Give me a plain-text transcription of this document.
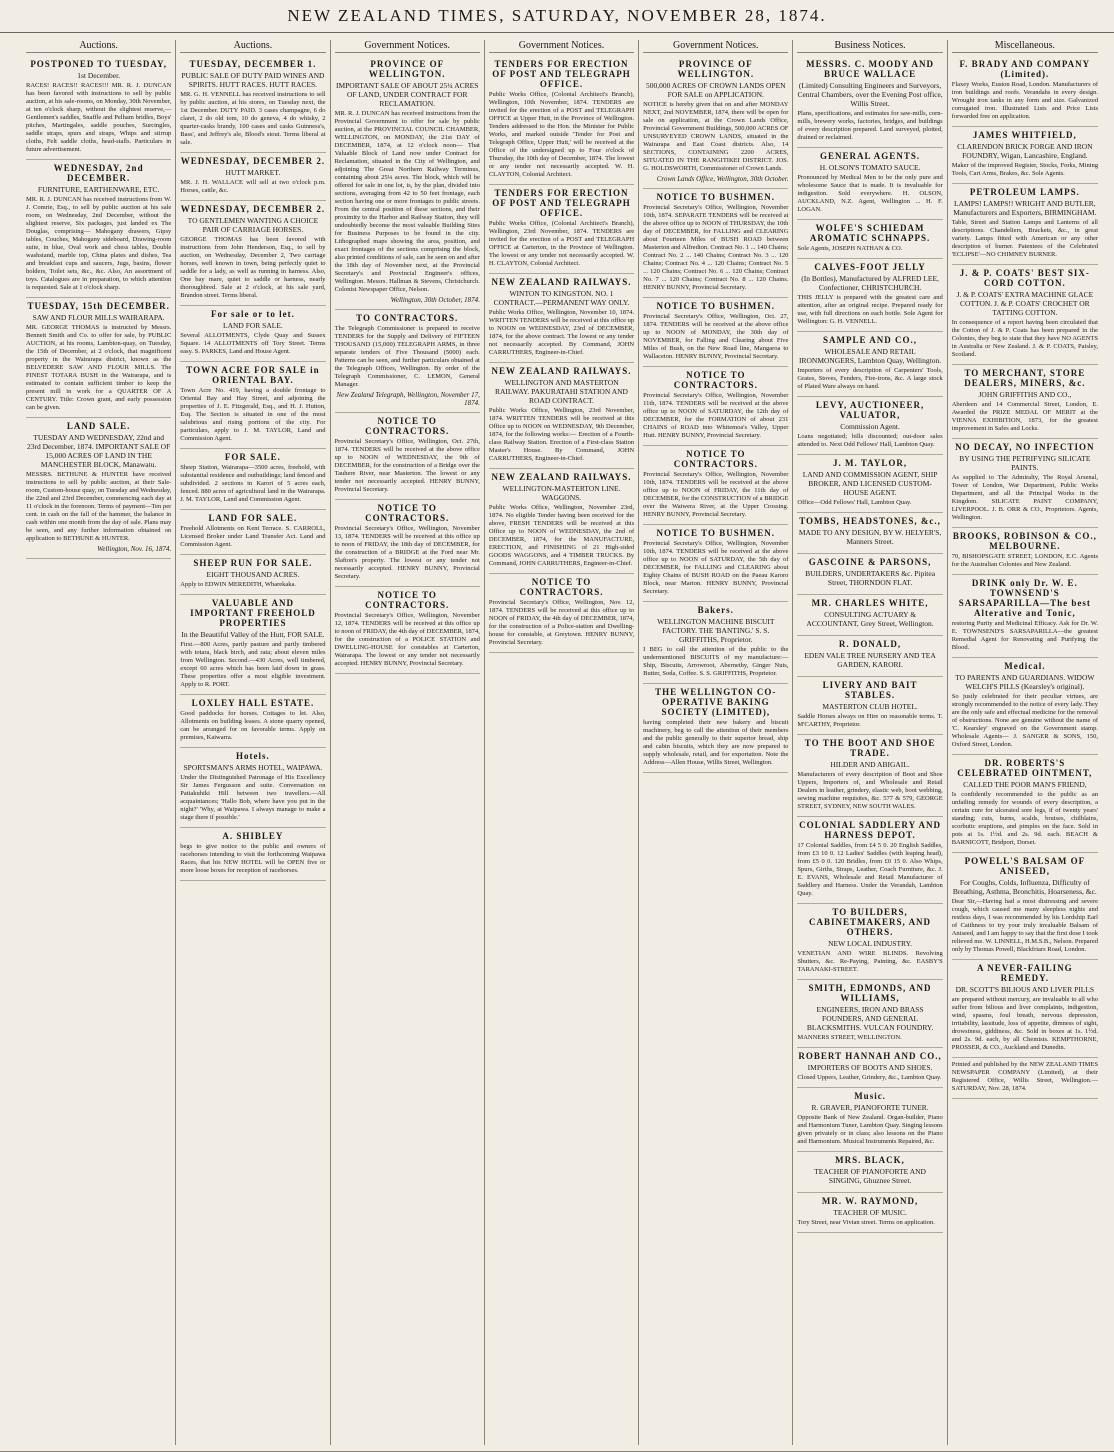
NEW ZEALAND TIMES, SATURDAY, NOVEMBER 28, 1874.
Auctions.
POSTPONED TO TUESDAY,
1st December.
RACES! RACES!! RACES!!! MR. R. J. DUNCAN has been favored with instructions to sell by public auction, at his sale-rooms, on Monday, 30th November, at ten o'clock sharp, without the slightest reserve,— Gentlemen's saddles, Snaffle and Pelham bridles, Boys' pitches, Martingales, saddle pouches, Surcingles, saddle straps, spurs and straps, Whips and stirrup cloths, Felt saddle cloths, head-stalls. Particulars in future advertisement.
WEDNESDAY, 2nd DECEMBER.
FURNITURE, EARTHENWARE, ETC.
MR. R. J. DUNCAN has received instructions from W. J. Comrie, Esq., to sell by public auction at his sale room, on Wednesday, 2nd December, without the slightest reserve, Six packages, just landed ex The Douglas, comprising— Mahogany drawers, Gipsy tables, Couches, Mahogany sideboard, Drawing-room suite, in blue, Oval work and chess tables, Double washstand, marble top, China plates and dishes, Tea and breakfast cups and saucers, Jugs, basins, flower holders, Toilet sets, &c., &c. Also, An assortment of toys. Catalogues are in preparation, to which attention is requested. Sale at 1 o'clock sharp.
TUESDAY, 15th DECEMBER.
SAW AND FLOUR MILLS WAIRARAPA.
MR. GEORGE THOMAS is instructed by Messrs. Bennett Smith and Co. to offer for sale, by PUBLIC AUCTION, at his rooms, Lambton-quay, on Tuesday, the 15th of December, at 2 o'clock, that magnificent property in the Wairarapa district, known as the BELVEDERE SAW AND FLOUR MILLS. The FINEST TOTARA BUSH in the Wairarapa, and is estimated to contain sufficient timber to keep the present mill in work for a QUARTER OF A CENTURY. Title: Crown grant, and early possession can be given.
LAND SALE.
TUESDAY AND WEDNESDAY, 22nd and 23rd December, 1874. IMPORTANT SALE OF 15,000 ACRES OF LAND IN THE MANCHESTER BLOCK, Manawatu.
MESSRS. BETHUNE & HUNTER have received instructions to sell by public auction, at their Sale-room, Custom-house quay, on Tuesday and Wednesday, the 22nd and 23rd December, commencing each day at 11 o'clock in the forenoon. Terms of payment—Ten per cent. in cash on the fall of the hammer, the balance in cash within one month from the day of sale. Plans may be seen, and any further information obtained on application to BETHUNE & HUNTER.
Wellington, Nov. 16, 1874.
Auctions.
TUESDAY, DECEMBER 1.
PUBLIC SALE OF DUTY PAID WINES AND SPIRITS. HUTT RACES. HUTT RACES.
MR. G. H. VENNELL has received instructions to sell by public auction, at his stores, on Tuesday next, the 1st December. DUTY PAID. 3 cases champagne, 6 do claret, 2 do old tom, 10 do geneva, 4 do whisky, 2 quarter-casks brandy, 100 cases and casks Guinness's, Bass', and Jeffrey's ale, Blood's stout. Terms liberal at sale.
WEDNESDAY, DECEMBER 2.
HUTT MARKET.
MR. J. H. WALLACE will sell at two o'clock p.m. Horses, cattle, &c.
WEDNESDAY, DECEMBER 2.
TO GENTLEMEN WANTING A CHOICE PAIR OF CARRIAGE HORSES.
GEORGE THOMAS has been favored with instructions from John Henderson, Esq., to sell by auction, on Wednesday, December 2, Two carriage horses, well known in town, being perfectly quiet to saddle for a lady, as well as running in harness. Also, One bay mare, quiet to saddle or harness, nearly thoroughbred. Sale at 2 o'clock, at his sale yard, Brandon street. Terms liberal.
For sale or to let.
LAND FOR SALE.
Several ALLOTMENTS, Clyde Quay and Sussex Square. 14 ALLOTMENTS off Tory Street. Terms easy. S. PARKES, Land and House Agent.
TOWN ACRE FOR SALE in ORIENTAL BAY.
Town Acre No. 419, having a double frontage to Oriental Bay and Hay Street, and adjoining the properties of J. E. Fitzgerald, Esq., and H. J. Hutton, Esq. The Section is situated in one of the most salubrious and rising portions of the city. For particulars, apply to J. M. TAYLOR, Land and Commission Agent.
FOR SALE.
Sheep Station, Wairarapa—3500 acres, freehold, with substantial residence and outbuildings; land fenced and subdivided. 2 sections in Karori of 5 acres each, fenced. 880 acres of agricultural land in the Wairarapa. J. M. TAYLOR, Land and Commission Agent.
LAND FOR SALE.
Freehold Allotments on Kent Terrace. S. CARROLL, Licensed Broker under Land Transfer Act. Land and Commission Agent.
SHEEP RUN FOR SALE.
EIGHT THOUSAND ACRES.
Apply to EDWIN MEREDITH, Wharekaka.
VALUABLE AND IMPORTANT FREEHOLD PROPERTIES
In the Beautiful Valley of the Hutt, FOR SALE.
First.—800 Acres, partly pasture and partly timbered with totara, black birch, and rata; about eleven miles from Wellington. Second.—430 Acres, well timbered, except 60 acres which has been laid down in grass. These properties offer a most eligible investment. Apply to R. PORT.
LOXLEY HALL ESTATE.
Good paddocks for horses. Cottages to let. Also, Allotments on building leases. A stone quarry opened, can be arranged for on favorable terms. Apply on premises, Kaiwarra.
Hotels.
SPORTSMAN'S ARMS HOTEL, WAIPAWA.
Under the Distinguished Patronage of His Excellency Sir James Fergusson and suite. Conversation on Patiakuhiki Hill between two travellers.—All acquaintances; 'Hallo Bob, where have you put in the night?' 'Why, at Waipawa. I always manage to make a stage there if possible.'
A. SHIBLEY
begs to give notice to the public and owners of racehorses intending to visit the forthcoming Waipawa Races, that his NEW HOTEL will be OPEN five or more loose boxes for reception of racehorses.
Government Notices.
PROVINCE OF WELLINGTON.
IMPORTANT SALE OF ABOUT 25¼ ACRES OF LAND, UNDER CONTRACT FOR RECLAMATION.
MR. R. J. DUNCAN has received instructions from the Provincial Government to offer for sale by public auction, at the PROVINCIAL COUNCIL CHAMBER, WELLINGTON, on MONDAY, the 21st DAY of DECEMBER, 1874, at 12 o'clock noon— That Valuable Block of Land now under Contract for Reclamation, situated in the City of Wellington, and adjoining The Great Northern Railway Terminus, containing about 25¼ acres. The block, which will be offered for sale in one lot, is, by the plan, divided into sections, averaging from 42 to 50 feet frontage, each section having one or more frontages to public streets. From the central position of these sections, and their proximity to the Harbor and Railway Station, they will undoubtedly become the most valuable Building Sites for Business Purposes to be found in the city. Lithographed maps showing the area, position, and exact frontages of the sections comprising the block, also printed conditions of sale, can be seen on and after the 18th day of November next, at the Provincial Secretary's and Provincial Engineer's offices, Wellington. Messrs. Hallman & Stevens, Christchurch. Colonist Newspaper Office, Nelson.
Wellington, 30th October, 1874.
TO CONTRACTORS.
The Telegraph Commissioner is prepared to receive TENDERS for the Supply and Delivery of FIFTEEN THOUSAND (15,000) TELEGRAPH ARMS, in three separate tenders of Five Thousand (5000) each. Patterns can be seen, and further particulars obtained at the Telegraph Offices, Wellington. By order of the Telegraph Commissioner, C. LEMON, General Manager.
New Zealand Telegraph, Wellington, November 17, 1874.
NOTICE TO CONTRACTORS.
Provincial Secretary's Office, Wellington, Oct. 27th, 1874. TENDERS will be received at the above office up to NOON of WEDNESDAY, the 9th of DECEMBER, for the construction of a Bridge over the Tauhere River, near Masterton. The lowest or any tender not necessarily accepted. HENRY BUNNY, Provincial Secretary.
NOTICE TO CONTRACTORS.
Provincial Secretary's Office, Wellington, November 13, 1874. TENDERS will be received at this office up to noon of FRIDAY, the 18th day of DECEMBER, for the construction of a BRIDGE at the Ford near Mr. Slafton's property. The lowest or any tender not necessarily accepted. HENRY BUNNY, Provincial Secretary.
NOTICE TO CONTRACTORS.
Provincial Secretary's Office, Wellington, November 12, 1874. TENDERS will be received at this office up to noon of FRIDAY, the 4th day of DECEMBER, 1874, for the construction of a POLICE STATION and DWELLING-HOUSE for constables at Carterton, Wairarapa. The lowest or any tender not necessarily accepted. HENRY BUNNY, Provincial Secretary.
Government Notices.
TENDERS FOR ERECTION OF POST AND TELEGRAPH OFFICE.
Public Works Office, (Colonial Architect's Branch), Wellington, 10th November, 1874. TENDERS are invited for the erection of a POST and TELEGRAPH OFFICE at Upper Hutt, in the Province of Wellington. Tenders addressed to the Hon. the Minister for Public Works, and marked outside 'Tender for Post and Telegraph Office, Upper Hutt,' will be received at the Office of the undersigned up to Four o'clock of Thursday, the 10th day of December, 1874. The lowest or any tender not necessarily accepted. W. H. CLAYTON, Colonial Architect.
TENDERS FOR ERECTION OF POST AND TELEGRAPH OFFICE.
Public Works Office, (Colonial Architect's Branch), Wellington, 23rd November, 1874. TENDERS are invited for the erection of a POST and TELEGRAPH OFFICE at Carterton, in the Province of Wellington. The lowest or any tender not necessarily accepted. W. H. CLAYTON, Colonial Architect.
NEW ZEALAND RAILWAYS.
WINTON TO KINGSTON. NO. 1 CONTRACT.—PERMANENT WAY ONLY.
Public Works Office, Wellington, November 10, 1874. WRITTEN TENDERS will be received at this office up to NOON on WEDNESDAY, 23rd of DECEMBER, 1874, for the above contract. The lowest or any tender not necessarily accepted. By Command, JOHN CARRUTHERS, Engineer-in-Chief.
NEW ZEALAND RAILWAYS.
WELLINGTON AND MASTERTON RAILWAY. PAKURATAHI STATION AND ROAD CONTRACT.
Public Works Office, Wellington, 23rd November, 1874. WRITTEN TENDERS will be received at this Office up to NOON on WEDNESDAY, 9th December, 1874, for the following works:— Erection of a Fourth-class Railway Station. Erection of a First-class Station Master's House. By Command, JOHN CARRUTHERS, Engineer-in-Chief.
NEW ZEALAND RAILWAYS.
WELLINGTON-MASTERTON LINE. WAGGONS.
Public Works Office, Wellington, November 23rd, 1874. No eligible Tender having been received for the above, FRESH TENDERS will be received at this Office up to NOON of WEDNESDAY, the 2nd of DECEMBER, 1874, for the MANUFACTURE, ERECTION, and FINISHING of 21 High-sided GOODS WAGGONS, and 4 TIMBER TRUCKS. By Command, JOHN CARRUTHERS, Engineer-in-Chief.
NOTICE TO CONTRACTORS.
Provincial Secretary's Office, Wellington, Nov. 12, 1874. TENDERS will be received at this office up to NOON of FRIDAY, the 4th day of DECEMBER, 1874, for the construction of a Police-station and Dwelling-house for constable, at Greytown. HENRY BUNNY, Provincial Secretary.
Government Notices.
PROVINCE OF WELLINGTON.
500,000 ACRES OF CROWN LANDS OPEN FOR SALE on APPLICATION.
NOTICE is hereby given that on and after MONDAY NEXT, 2nd NOVEMBER, 1874, there will be open for sale on application, at the Crown Lands Office, Provincial Government Buildings, 500,000 ACRES OF UNSURVEYED CROWN LANDS, situated in the Wairarapa and East Coast districts. Also, 14 SECTIONS, CONTAINING 2200 ACRES, SITUATED IN THE RANGITIKEI DISTRICT. JOS. G. HOLDSWORTH, Commissioner of Crown Lands.
Crown Lands Office, Wellington, 30th October.
NOTICE TO BUSHMEN.
Provincial Secretary's Office, Wellington, November 10th, 1874. SEPARATE TENDERS will be received at the above office up to NOON of THURSDAY, the 10th day of DECEMBER, for FALLING and CLEARING about Fourteen Miles of BUSH ROAD between Masterton and Alfredton. Contract No. 1 ... 140 Chains; Contract No. 2 ... 140 Chains; Contract No. 3 ... 120 Chains; Contract No. 4 ... 120 Chains; Contract No. 5 ... 120 Chains; Contract No. 6 ... 120 Chains; Contract No. 7 ... 120 Chains; Contract No. 8 ... 120 Chains. HENRY BUNNY, Provincial Secretary.
NOTICE TO BUSHMEN.
Provincial Secretary's Office, Wellington, Oct. 27, 1874. TENDERS will be received at the above office up to NOON of MONDAY, the 30th day of NOVEMBER, for Falling and Clearing about Five Miles of Bush, on the New Road line, Mangaroa to Wallaceton. HENRY BUNNY, Provincial Secretary.
NOTICE TO CONTRACTORS.
Provincial Secretary's Office, Wellington, November 11th, 1874. TENDERS will be received at the above office up to NOON of SATURDAY, the 12th day of DECEMBER, for the FORMATION of about 231 CHAINS of ROAD into Whitemoa's Valley, Upper Hutt. HENRY BUNNY, Provincial Secretary.
NOTICE TO CONTRACTORS.
Provincial Secretary's Office, Wellington, November 10th, 1874. TENDERS will be received at the above office up to NOON of FRIDAY, the 11th day of DECEMBER, for the CONSTRUCTION of a BRIDGE over the Waiwera River, at the Upper Crossing. HENRY BUNNY, Provincial Secretary.
NOTICE TO BUSHMEN.
Provincial Secretary's Office, Wellington, November 10th, 1874. TENDERS will be received at the above office up to NOON of SATURDAY, the 5th day of DECEMBER, for FALLING and CLEARING about Eighty Chains of BUSH ROAD on the Paeau Karoro Block, near Marton. HENRY BUNNY, Provincial Secretary.
Bakers.
WELLINGTON MACHINE BISCUIT FACTORY. THE 'BANTING.' S. S. GRIFFITHS, Proprietor.
I BEG to call the attention of the public to the undermentioned BISCUITS of my manufacture:— Ship, Biscuits, Arrowroot, Abernethy, Ginger Nuts, Butter, Soda, Coffee. S. S. GRIFFITHS, Proprietor.
THE WELLINGTON CO-OPERATIVE BAKING SOCIETY (LIMITED),
having completed their new bakery and biscuit machinery, beg to call the attention of their members and the public generally to their superior bread, ship and cabin biscuits, which they are now prepared to supply wholesale, retail, and for exportation. Note the Address—Allen House, Willis Street, Wellington.
Business Notices.
MESSRS. C. MOODY AND BRUCE WALLACE
(Limited) Consulting Engineers and Surveyors, Central Chambers, over the Evening Post office, Willis Street.
Plans, specifications, and estimates for saw-mills, corn-mills, brewery works, factories, bridges, and buildings of every description prepared. Land surveyed, plotted, drained or reclaimed.
GENERAL AGENTS.
H. OLSON'S TOMATO SAUCE.
Pronounced by Medical Men to be the only pure and wholesome Sauce that is made. It is invaluable for indigestion. Sold everywhere. H. OLSON, AUCKLAND, N.Z. Agent, Wellington ... H. F. LOGAN.
WOLFE'S SCHIEDAM AROMATIC SCHNAPPS.
Sole Agents, JOSEPH NATHAN & CO.
CALVES-FOOT JELLY
(In Bottles), Manufactured by ALFRED LEE, Confectioner, CHRISTCHURCH.
THIS JELLY is prepared with the greatest care and attention, after an original recipe. Prepared ready for use, with full directions on each bottle. Sole Agent for Wellington: G. H. VENNELL.
SAMPLE AND CO.,
WHOLESALE AND RETAIL IRONMONGERS, Lambton Quay, Wellington.
Importers of every description of Carpenters' Tools, Grates, Stoves, Fenders, Fire-irons, &c. A large stock of Plated Ware always on hand.
LEVY, AUCTIONEER, VALUATOR,
Commission Agent.
Loans negotiated; bills discounted; out-door sales attended to. Next Odd Fellows' Hall, Lambton Quay.
J. M. TAYLOR,
LAND AND COMMISSION AGENT, SHIP BROKER, AND LICENSED CUSTOM-HOUSE AGENT.
Office—Odd Fellows' Hall, Lambton Quay.
TOMBS, HEADSTONES, &c.,
MADE TO ANY DESIGN, BY W. HELYER'S, Manners Street.
GASCOINE & PARSONS,
BUILDERS, UNDERTAKERS &c. Pipitea Street, THORNDON FLAT.
MR. CHARLES WHITE,
CONSULTING ACTUARY & ACCOUNTANT, Grey Street, Wellington.
R. DONALD,
EDEN VALE TREE NURSERY AND TEA GARDEN, KARORI.
LIVERY AND BAIT STABLES.
MASTERTON CLUB HOTEL.
Saddle Horses always on Hire on reasonable terms. T. M'CARTHY, Proprietor.
TO THE BOOT AND SHOE TRADE.
HILDER AND ABIGAIL.
Manufacturers of every description of Boot and Shoe Uppers, Importers of, and Wholesale and Retail Dealers in leather, grindery, elastic web, boot webbing, sewing machine requisites, &c. 577 & 579, GEORGE STREET, SYDNEY, NEW SOUTH WALES.
COLONIAL SADDLERY AND HARNESS DEPOT.
17 Colonial Saddles, from £4 5 0. 20 English Saddles, from £3 10 0. 12 Ladies' Saddles (with leaping head), from £5 0 0. 120 Bridles, from £0 15 0. Also Whips, Spurs, Girths, Straps, Leather, Coach Furniture, &c. J. E. EVANS, Wholesale and Retail Manufacturer of Saddlery and Harness. Under the Verandah, Lambton Quay.
TO BUILDERS, CABINETMAKERS, AND OTHERS.
NEW LOCAL INDUSTRY.
VENETIAN AND WIRE BLINDS. Revolving Shutters, &c. Re-Paying, Painting, &c. EASBY'S TARANAKI-STREET.
SMITH, EDMONDS, AND WILLIAMS,
ENGINEERS, IRON AND BRASS FOUNDERS, AND GENERAL BLACKSMITHS. VULCAN FOUNDRY.
MANNERS STREET, WELLINGTON.
ROBERT HANNAH AND CO.,
IMPORTERS OF BOOTS AND SHOES.
Closed Uppers, Leather, Grindery, &c., Lambton Quay.
Music.
R. GRAVER, PIANOFORTE TUNER.
Opposite Bank of New Zealand. Organ-builder, Piano and Harmonium Tuner, Lambton Quay. Singing lessons given privately or in class; also lessons on the Piano and Harmonium. Musical Instruments Repaired, &c.
MRS. BLACK,
TEACHER OF PIANOFORTE AND SINGING, Ghuznee Street.
MR. W. RAYMOND,
TEACHER OF MUSIC.
Tory Street, near Vivian street. Terms on application.
Miscellaneous.
F. BRADY AND COMPANY (Limited).
Flaxey Works, Euston Road, London. Manufacturers of iron buildings and roofs. Verandahs in every design. Wrought iron tanks in any form and size. Galvanized corrugated iron. Illustrated Lists and Price Lists forwarded free on application.
JAMES WHITFIELD,
CLARENDON BRICK FORGE AND IRON FOUNDRY, Wigan, Lancashire, England.
Maker of the improved Register, Stocks, Forks, Mining Tools, Cart Arms, Brakes, &c. Sole Agents.
PETROLEUM LAMPS.
LAMPS! LAMPS!! WRIGHT AND BUTLER, Manufacturers and Exporters, BIRMINGHAM.
Table, Street and Station Lamps and Lanterns of all descriptions. Chandeliers, Brackets, &c., in great variety. Lamps fitted with American or any other description of burner. Patentees of the Celebrated 'ECLIPSE'—NO CHIMNEY BURNER.
J. & P. COATS' BEST SIX-CORD COTTON.
J. & P. COATS' EXTRA MACHINE GLACE COTTON. J. & P. COATS' CROCHET OR TATTING COTTON.
In consequence of a report having been circulated that the Cotton of J. & P. Coats has been prepared in the Colonies, they beg to state that they have NO AGENTS in Australia or New Zealand. J. & P. COATS, Paisley, Scotland.
TO MERCHANT, STORE DEALERS, MINERS, &c.
JOHN GRIFFITHS AND CO.,
Aberdeen and 14 Commercial Street, London, E. Awarded the PRIZE MEDAL OF MERIT at the VIENNA EXHIBITION, 1873, for the greatest improvement in Safes and Locks.
NO DECAY, NO INFECTION
BY USING THE PETRIFYING SILICATE PAINTS.
As supplied to The Admiralty, The Royal Arsenal, Tower of London, War Department, Public Works Department, and all the Principal Works in the Kingdom. SILICATE PAINT COMPANY, LIVERPOOL. J. B. ORR & CO., Proprietors. Agents, Wellington.
BROOKS, ROBINSON & CO., MELBOURNE.
70, BISHOPSGATE STREET, LONDON, E.C. Agents for the Australian Colonies and New Zealand.
DRINK only Dr. W. E. TOWNSEND'S SARSAPARILLA—The best Alterative and Tonic,
restoring Purity and Medicinal Efficacy. Ask for Dr. W. E. TOWNSEND'S SARSAPARILLA—the greatest Remedial Agent for Renovating and Purifying the Blood.
Medical.
TO PARENTS AND GUARDIANS. WIDOW WELCH'S PILLS (Kearsley's original).
So justly celebrated for their peculiar virtues, are strongly recommended to the notice of every lady. They are the only safe and effectual medicine for the removal of obstructions. None are genuine without the name of 'C. Kearsley' engraved on the Government stamp. Wholesale Agents— J. SANGER & SONS, 150, Oxford Street, London.
DR. ROBERTS'S CELEBRATED OINTMENT,
CALLED THE POOR MAN'S FRIEND,
Is confidently recommended to the public as an unfailing remedy for wounds of every description, a certain cure for ulcerated sore legs, if of twenty years' standing; cuts, burns, scalds, bruises, chilblains, scorbutic eruptions, and pimples on the face. Sold in pots at 1s. 1½d. and 2s. 9d. each. BEACH & BARNICOTT, Bridport, Dorset.
POWELL'S BALSAM OF ANISEED,
For Coughs, Colds, Influenza, Difficulty of Breathing, Asthma, Bronchitis, Hoarseness, &c.
Dear Sir,—Having had a most distressing and severe cough, which caused me many sleepless nights and restless days, I was recommended by his Lordship Earl of Caithness to try your truly invaluable Balsam of Aniseed, and I am happy to say that the first dose I took relieved me. W. LINNELL, H.M.S.B., Nelson. Prepared only by Thomas Powell, Blackfriars Road, London.
A NEVER-FAILING REMEDY.
DR. SCOTT'S BILIOUS AND LIVER PILLS
are prepared without mercury, are invaluable to all who suffer from bilious and liver complaints, indigestion, wind, spasms, foul breath, nervous depression, irritability, lassitude, loss of appetite, dimness of sight, drowsiness, giddiness, &c. Sold in boxes at 1s. 1½d. and 2s. 9d. each, by all Chemists. KEMPTHORNE, PROSSER, & CO., Auckland and Dunedin.
Printed and published by the NEW ZEALAND TIMES NEWSPAPER COMPANY (Limited), at their Registered Office, Willis Street, Wellington.—SATURDAY, Nov. 28, 1874.
